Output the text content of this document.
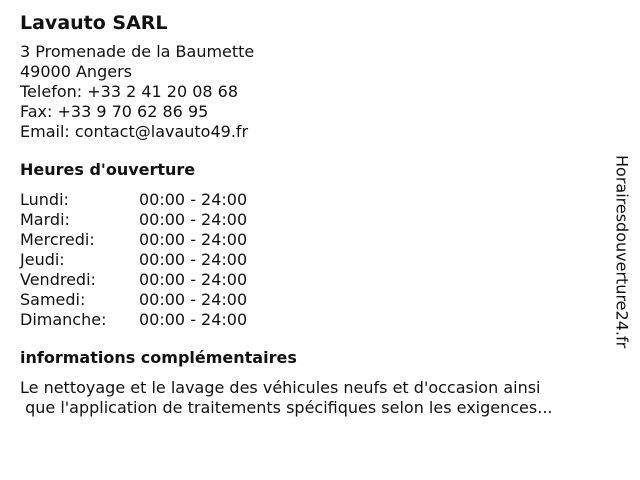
Lavauto SARL
3 Promenade de la Baumette
49000 Angers
Telefon: +33 2 41 20 08 68
Fax: +33 9 70 62 86 95
Email: contact@lavauto49.fr
Heures d'ouverture
Lundi:	00:00 - 24:00
Mardi:	00:00 - 24:00
Mercredi:	00:00 - 24:00
Jeudi:	00:00 - 24:00
Vendredi:	00:00 - 24:00
Samedi:	00:00 - 24:00
Dimanche:	00:00 - 24:00
informations complémentaires
Le nettoyage et le lavage des véhicules neufs et d'occasion ainsi
que l'application de traitements spécifiques selon les exigences...
Horairesdouverture24.fr
